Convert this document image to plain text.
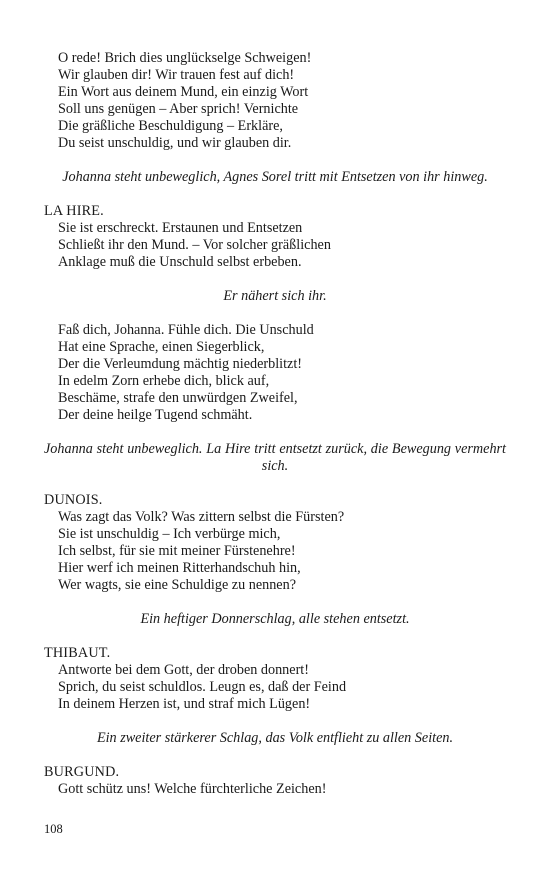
O rede! Brich dies unglückselge Schweigen!
Wir glauben dir! Wir trauen fest auf dich!
Ein Wort aus deinem Mund, ein einzig Wort
Soll uns genügen – Aber sprich! Vernichte
Die gräßliche Beschuldigung – Erkläre,
Du seist unschuldig, und wir glauben dir.

Johanna steht unbeweglich, Agnes Sorel tritt mit Entsetzen von ihr hinweg.

LA HIRE.

Sie ist erschreckt. Erstaunen und Entsetzen
Schließt ihr den Mund. – Vor solcher gräßlichen
Anklage muß die Unschuld selbst erbeben.

Er nähert sich ihr.

Faß dich, Johanna. Fühle dich. Die Unschuld
Hat eine Sprache, einen Siegerblick,
Der die Verleumdung mächtig niederblitzt!
In edelm Zorn erhebe dich, blick auf,
Beschäme, strafe den unwürdgen Zweifel,
Der deine heilge Tugend schmäht.

Johanna steht unbeweglich. La Hire tritt entsetzt zurück, die Bewegung vermehrt sich.

DUNOIS.

Was zagt das Volk? Was zittern selbst die Fürsten?
Sie ist unschuldig – Ich verbürge mich,
Ich selbst, für sie mit meiner Fürstenehre!
Hier werf ich meinen Ritterhandschuh hin,
Wer wagts, sie eine Schuldige zu nennen?

Ein heftiger Donnerschlag, alle stehen entsetzt.

THIBAUT.

Antworte bei dem Gott, der droben donnert!
Sprich, du seist schuldlos. Leugn es, daß der Feind
In deinem Herzen ist, und straf mich Lügen!

Ein zweiter stärkerer Schlag, das Volk entflieht zu allen Seiten.

BURGUND.

Gott schütz uns! Welche fürchterliche Zeichen!
108
